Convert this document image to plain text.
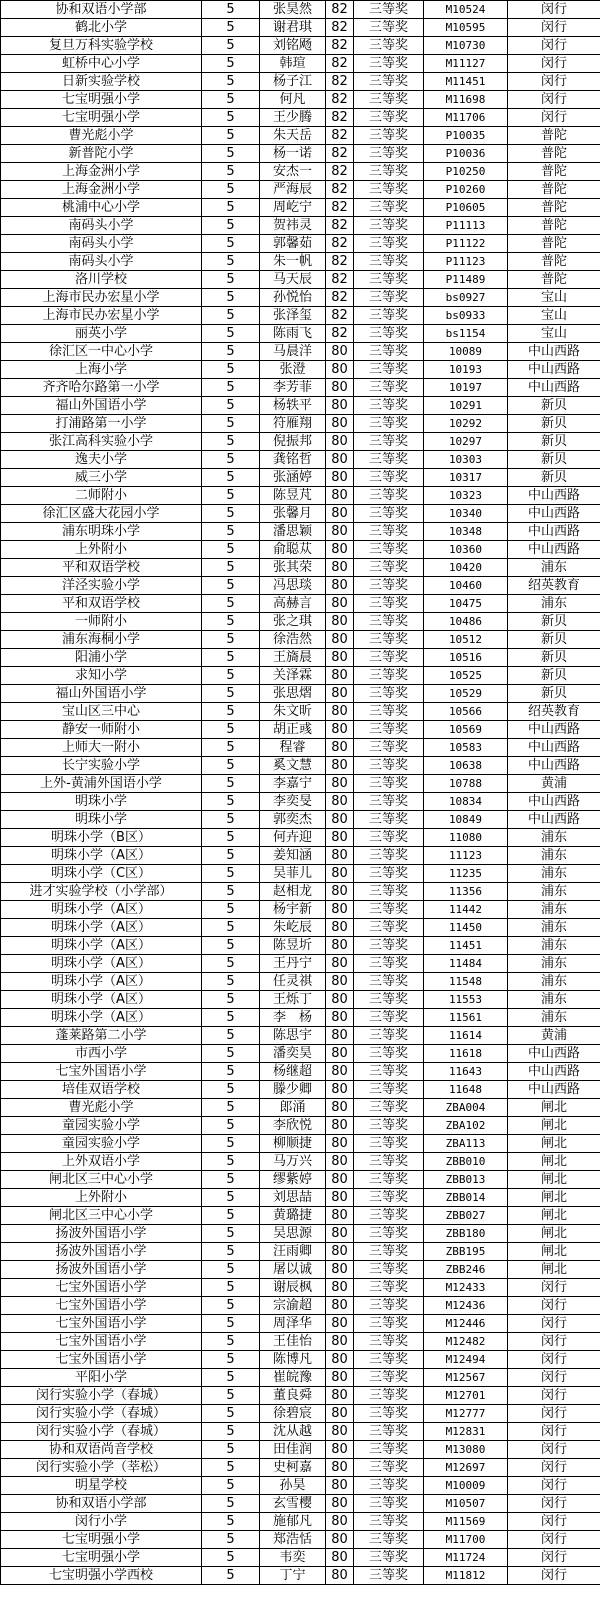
协和双语小学部	5	张昊然	82	三等奖	M10524	闵行
鹤北小学	5	谢君琪	82	三等奖	M10595	闵行
复旦万科实验学校	5	刘铭飏	82	三等奖	M10730	闵行
虹桥中心小学	5	韩瑄	82	三等奖	M11127	闵行
日新实验学校	5	杨子江	82	三等奖	M11451	闵行
七宝明强小学	5	何凡	82	三等奖	M11698	闵行
七宝明强小学	5	王少腾	82	三等奖	M11706	闵行
曹光彪小学	5	朱天岳	82	三等奖	P10035	普陀
新普陀小学	5	杨一诺	82	三等奖	P10036	普陀
上海金洲小学	5	安杰一	82	三等奖	P10250	普陀
上海金洲小学	5	严海辰	82	三等奖	P10260	普陀
桃浦中心小学	5	周屹宁	82	三等奖	P10605	普陀
南码头小学	5	贺祎灵	82	三等奖	P11113	普陀
南码头小学	5	郭馨茹	82	三等奖	P11122	普陀
南码头小学	5	朱一帆	82	三等奖	P11123	普陀
洛川学校	5	马天辰	82	三等奖	P11489	普陀
上海市民办宏星小学	5	孙悦怡	82	三等奖	bs0927	宝山
上海市民办宏星小学	5	张泽玺	82	三等奖	bs0933	宝山
丽英小学	5	陈雨飞	82	三等奖	bs1154	宝山
徐汇区一中心小学	5	马晨洋	80	三等奖	10089	中山西路
上海小学	5	张澄	80	三等奖	10193	中山西路
齐齐哈尔路第一小学	5	李芳菲	80	三等奖	10197	中山西路
福山外国语小学	5	杨轶平	80	三等奖	10291	新贝
打浦路第一小学	5	符雁翔	80	三等奖	10292	新贝
张江高科实验小学	5	倪振邦	80	三等奖	10297	新贝
逸夫小学	5	龚铭哲	80	三等奖	10303	新贝
威三小学	5	张涵婷	80	三等奖	10317	新贝
二师附小	5	陈昱芃	80	三等奖	10323	中山西路
徐汇区盛大花园小学	5	张馨月	80	三等奖	10340	中山西路
浦东明珠小学	5	潘思颖	80	三等奖	10348	中山西路
上外附小	5	俞聪苁	80	三等奖	10360	中山西路
平和双语学校	5	张其荣	80	三等奖	10420	浦东
洋泾实验小学	5	冯思琰	80	三等奖	10460	绍英教育
平和双语学校	5	高赫言	80	三等奖	10475	浦东
一师附小	5	张之琪	80	三等奖	10486	新贝
浦东海桐小学	5	徐浩然	80	三等奖	10512	新贝
阳浦小学	5	王旖晨	80	三等奖	10516	新贝
求知小学	5	关泽霖	80	三等奖	10525	新贝
福山外国语小学	5	张思熠	80	三等奖	10529	新贝
宝山区三中心	5	朱文昕	80	三等奖	10566	绍英教育
静安一师附小	5	胡正彧	80	三等奖	10569	中山西路
上师大一附小	5	程睿	80	三等奖	10583	中山西路
长宁实验小学	5	奚文慧	80	三等奖	10638	中山西路
上外-黄浦外国语小学	5	李嘉宁	80	三等奖	10788	黄浦
明珠小学	5	李奕旻	80	三等奖	10834	中山西路
明珠小学	5	郭奕杰	80	三等奖	10849	中山西路
明珠小学（B区）	5	何卉迎	80	三等奖	11080	浦东
明珠小学（A区）	5	姜知涵	80	三等奖	11123	浦东
明珠小学（C区）	5	吴菲儿	80	三等奖	11235	浦东
进才实验学校（小学部）	5	赵相龙	80	三等奖	11356	浦东
明珠小学（A区）	5	杨宇新	80	三等奖	11442	浦东
明珠小学（A区）	5	朱屹辰	80	三等奖	11450	浦东
明珠小学（A区）	5	陈昱圻	80	三等奖	11451	浦东
明珠小学（A区）	5	王丹宁	80	三等奖	11484	浦东
明珠小学（A区）	5	任灵祺	80	三等奖	11548	浦东
明珠小学（A区）	5	王烁丁	80	三等奖	11553	浦东
明珠小学（A区）	5	李　杨	80	三等奖	11561	浦东
蓬莱路第二小学	5	陈思宇	80	三等奖	11614	黄浦
市西小学	5	潘奕昊	80	三等奖	11618	中山西路
七宝外国语小学	5	杨继超	80	三等奖	11643	中山西路
培佳双语学校	5	滕少卿	80	三等奖	11648	中山西路
曹光彪小学	5	郎涌	80	三等奖	ZBA004	闸北
童园实验小学	5	李欣悦	80	三等奖	ZBA102	闸北
童园实验小学	5	柳顺捷	80	三等奖	ZBA113	闸北
上外双语小学	5	马万兴	80	三等奖	ZBB010	闸北
闸北区三中心小学	5	缪紫婷	80	三等奖	ZBB013	闸北
上外附小	5	刘思喆	80	三等奖	ZBB014	闸北
闸北区三中心小学	5	黄璐捷	80	三等奖	ZBB027	闸北
扬波外国语小学	5	吴思源	80	三等奖	ZBB180	闸北
扬波外国语小学	5	汪雨卿	80	三等奖	ZBB195	闸北
扬波外国语小学	5	屠以诚	80	三等奖	ZBB246	闸北
七宝外国语小学	5	谢辰枫	80	三等奖	M12433	闵行
七宝外国语小学	5	宗渝超	80	三等奖	M12436	闵行
七宝外国语小学	5	周泽华	80	三等奖	M12446	闵行
七宝外国语小学	5	王佳怡	80	三等奖	M12482	闵行
七宝外国语小学	5	陈博凡	80	三等奖	M12494	闵行
平阳小学	5	崔皖豫	80	三等奖	M12567	闵行
闵行实验小学（春城）	5	董良舜	80	三等奖	M12701	闵行
闵行实验小学（春城）	5	徐碧宸	80	三等奖	M12777	闵行
闵行实验小学（春城）	5	沈从越	80	三等奖	M12831	闵行
协和双语尚音学校	5	田佳润	80	三等奖	M13080	闵行
闵行实验小学（莘松）	5	史柯嘉	80	三等奖	M12697	闵行
明星学校	5	孙昊	80	三等奖	M10009	闵行
协和双语小学部	5	玄雪樱	80	三等奖	M10507	闵行
闵行小学	5	施郁凡	80	三等奖	M11569	闵行
七宝明强小学	5	郑浩恬	80	三等奖	M11700	闵行
七宝明强小学	5	韦奕	80	三等奖	M11724	闵行
七宝明强小学西校	5	丁宁	80	三等奖	M11812	闵行
